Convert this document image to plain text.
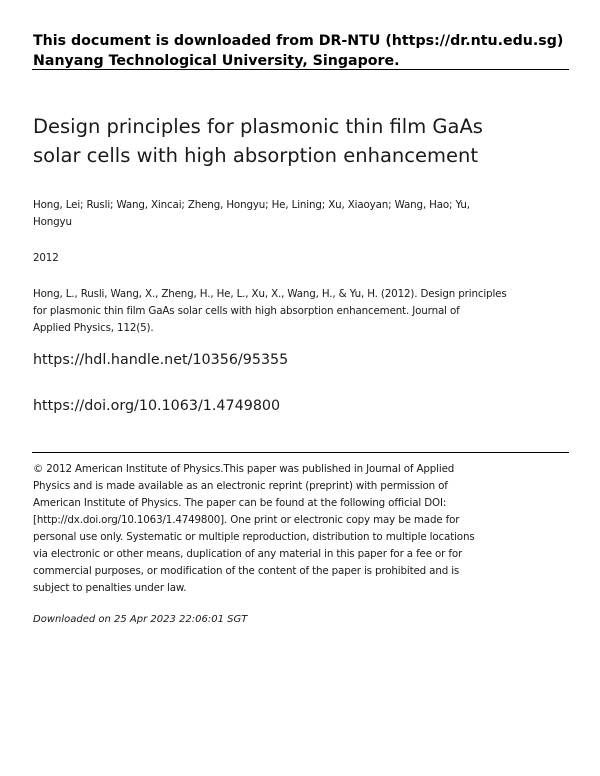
This document is downloaded from DR-NTU (https://dr.ntu.edu.sg)
Nanyang Technological University, Singapore.
Design principles for plasmonic thin film GaAs
solar cells with high absorption enhancement
Hong, Lei; Rusli; Wang, Xincai; Zheng, Hongyu; He, Lining; Xu, Xiaoyan; Wang, Hao; Yu,
Hongyu
2012
Hong, L., Rusli, Wang, X., Zheng, H., He, L., Xu, X., Wang, H., & Yu, H. (2012). Design principles
for plasmonic thin film GaAs solar cells with high absorption enhancement. Journal of
Applied Physics, 112(5).
https://hdl.handle.net/10356/95355
https://doi.org/10.1063/1.4749800
© 2012 American Institute of Physics.This paper was published in Journal of Applied
Physics and is made available as an electronic reprint (preprint) with permission of
American Institute of Physics. The paper can be found at the following official DOI:
[http://dx.doi.org/10.1063/1.4749800]. One print or electronic copy may be made for
personal use only. Systematic or multiple reproduction, distribution to multiple locations
via electronic or other means, duplication of any material in this paper for a fee or for
commercial purposes, or modification of the content of the paper is prohibited and is
subject to penalties under law.
Downloaded on 25 Apr 2023 22:06:01 SGT
